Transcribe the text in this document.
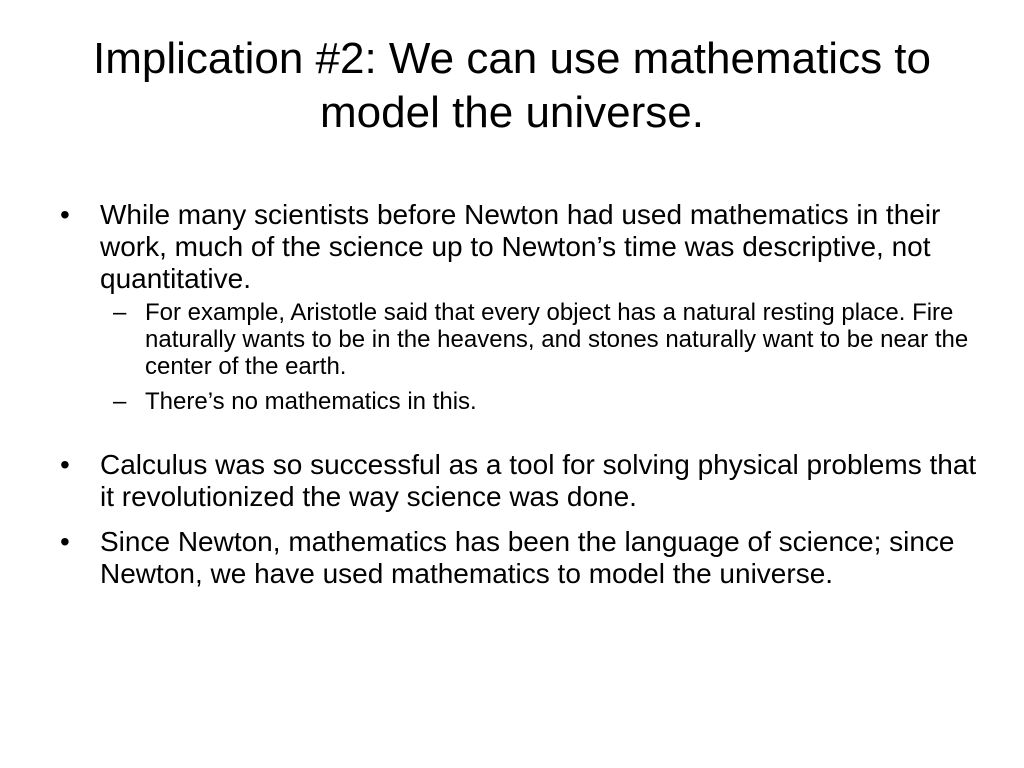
Implication #2: We can use mathematics to model the universe.
• While many scientists before Newton had used mathematics in their work, much of the science up to Newton’s time was descriptive, not quantitative.
– For example, Aristotle said that every object has a natural resting place. Fire naturally wants to be in the heavens, and stones naturally want to be near the center of the earth.
– There’s no mathematics in this.
• Calculus was so successful as a tool for solving physical problems that it revolutionized the way science was done.
• Since Newton, mathematics has been the language of science; since Newton, we have used mathematics to model the universe.
